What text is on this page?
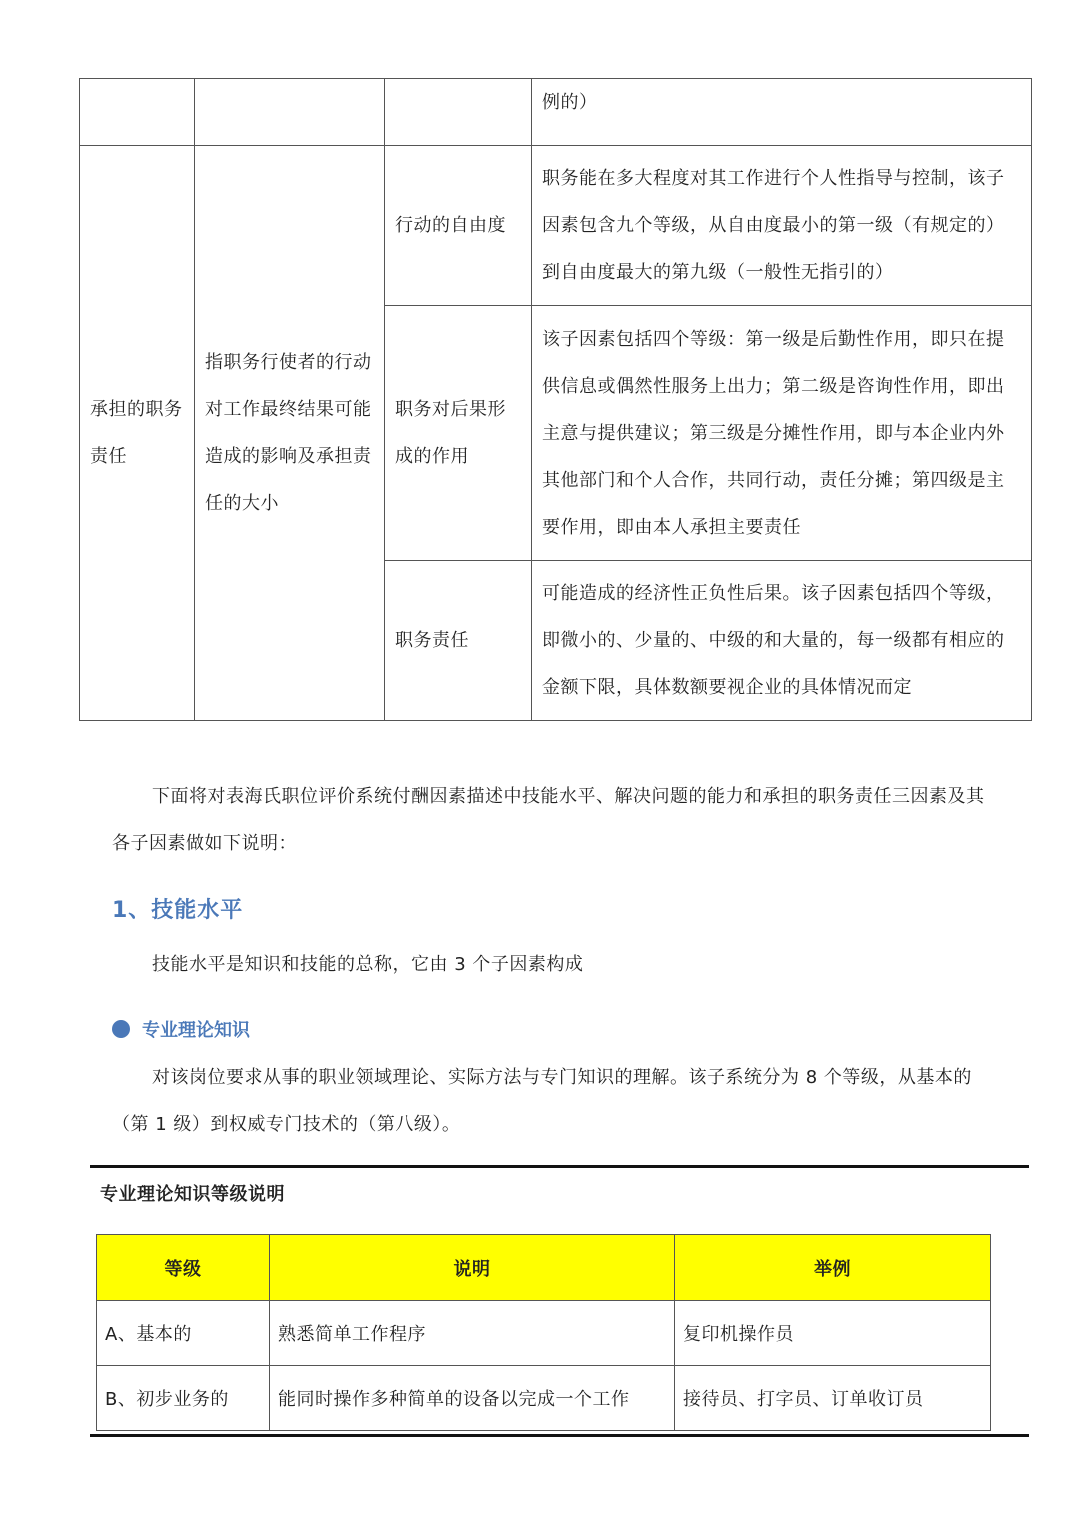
			例的）
承担的职务责任	指职务行使者的行动对工作最终结果可能造成的影响及承担责任的大小	行动的自由度	职务能在多大程度对其工作进行个人性指导与控制，该子因素包含九个等级，从自由度最小的第一级（有规定的）到自由度最大的第九级（一般性无指引的）
		职务对后果形成的作用	该子因素包括四个等级：第一级是后勤性作用，即只在提供信息或偶然性服务上出力；第二级是咨询性作用，即出主意与提供建议；第三级是分摊性作用，即与本企业内外其他部门和个人合作，共同行动，责任分摊；第四级是主要作用，即由本人承担主要责任
		职务责任	可能造成的经济性正负性后果。该子因素包括四个等级，即微小的、少量的、中级的和大量的，每一级都有相应的金额下限，具体数额要视企业的具体情况而定
下面将对表海氏职位评价系统付酬因素描述中技能水平、解决问题的能力和承担的职务责任三因素及其各子因素做如下说明：
1、技能水平
技能水平是知识和技能的总称，它由 3 个子因素构成
专业理论知识
对该岗位要求从事的职业领域理论、实际方法与专门知识的理解。该子系统分为 8 个等级，从基本的（第 1 级）到权威专门技术的（第八级）。
专业理论知识等级说明
等级	说明	举例
A、基本的	熟悉简单工作程序	复印机操作员
B、初步业务的	能同时操作多种简单的设备以完成一个工作	接待员、打字员、订单收订员
